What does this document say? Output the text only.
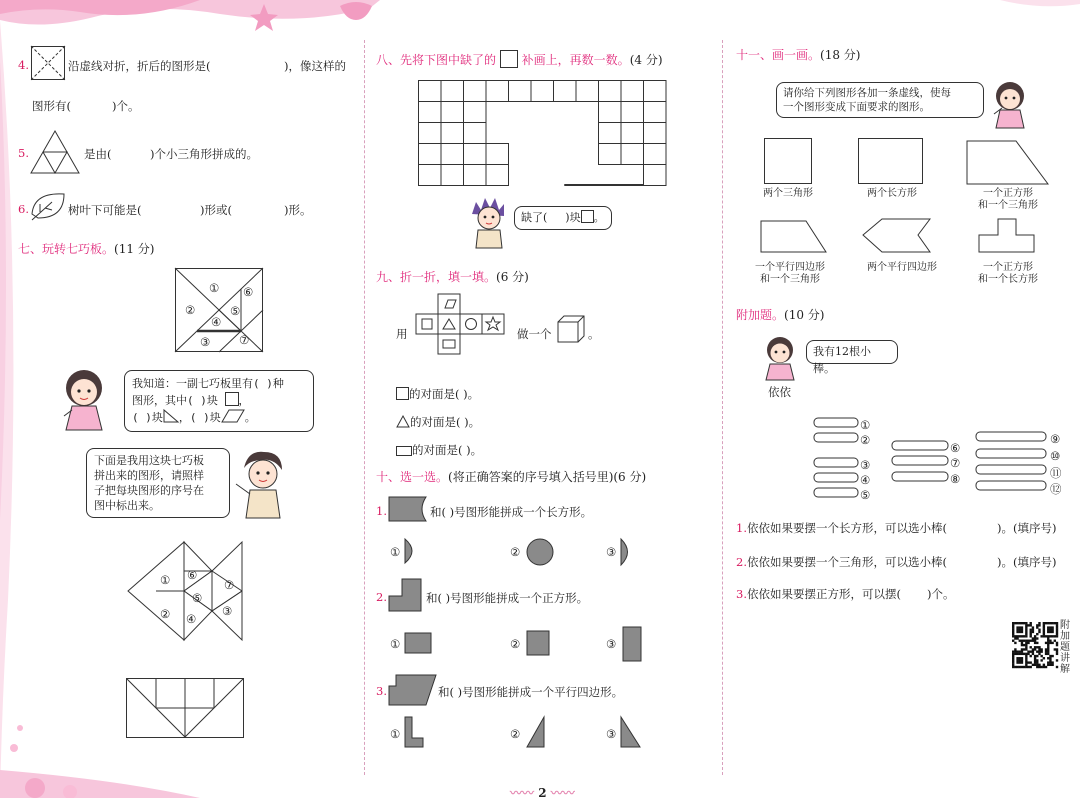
4.	沿虚线对折，折后的图形是(	)，像这样的
图形有(	)个。
5.	是由(	)个小三角形拼成的。
6.	树叶下可能是(	)形或(	)形。
七、玩转七巧板。(11 分)
①
②
③
④
⑤
⑥
⑦
我知道：一副七巧板里有( )种
图形，其中( )块 ，
( )块 ，( )块 。
下面是我用这块七巧板
拼出来的图形，请照样
子把每块图形的序号在
图中标出来。
①
②	③
④
⑤
⑥
⑦
八、先将下图中缺了的 补画上，再数一数。(4 分)
缺了( )块 。
九、折一折，填一填。(6 分)
用	做一个	。
的对面是( )。
的对面是( )。
的对面是( )。
十、选一选。(将正确答案的序号填入括号里)(6 分)
1.	和( )号图形能拼成一个长方形。
①	②	③
2.	和( )号图形能拼成一个正方形。
①	②	③
3.	和( )号图形能拼成一个平行四边形。
①	②	③
十一、画一画。(18 分)
请你给下列图形各加一条虚线，使每
一个图形变成下面要求的图形。
两个三角形	两个长方形	一个正方形
和一个三角形
一个平行四边形
和一个三角形
两个平行四边形	一个正方形
和一个长方形
附加题。(10 分)
我有12根小棒。
依依
①
②
③
④
⑤
⑥
⑦
⑧
⑨
⑩
⑪
⑫
1.依依如果要摆一个长方形，可以选小棒(	)。(填序号)
2.依依如果要摆一个三角形，可以选小棒(	)。(填序号)
3.依依如果要摆正方形，可以摆( )个。
附加题讲解
〰〰 2 〰〰
